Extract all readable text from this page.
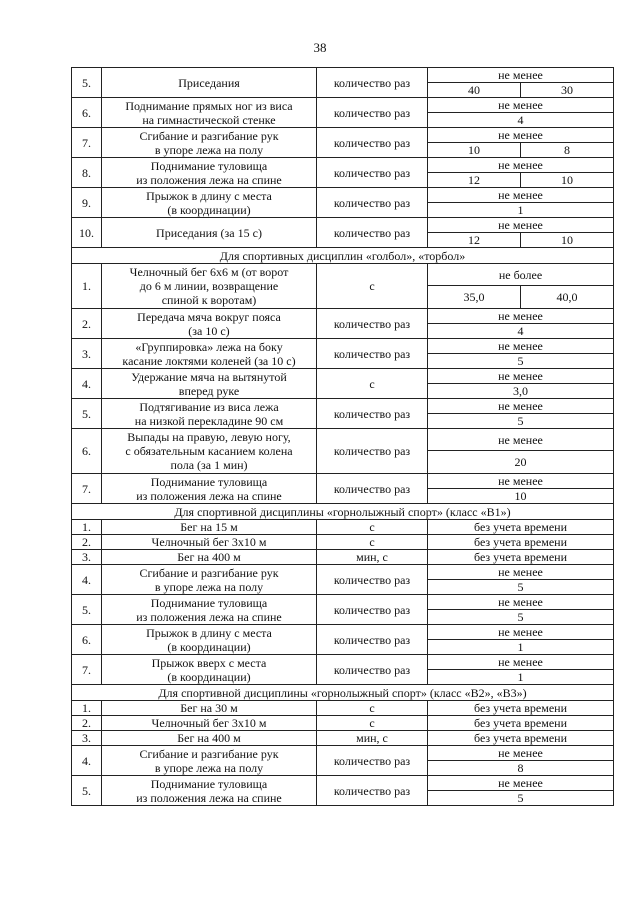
38
5.	Приседания	количество раз	не менее	
			40	30
6.	Поднимание прямых ног из виса
на гимнастической стенке	количество раз	не менее	
			4	
7.	Сгибание и разгибание рук
в упоре лежа на полу	количество раз	не менее	
			10	8
8.	Поднимание туловища
из положения лежа на спине	количество раз	не менее	
			12	10
9.	Прыжок в длину с места
(в координации)	количество раз	не менее	
			1	
10.	Приседания (за 15 с)	количество раз	не менее	
			12	10
Для спортивных дисциплин «голбол», «торбол»				
1.	Челночный бег 6х6 м (от ворот
до 6 м линии, возвращение
спиной к воротам)	с	не более	
			35,0	40,0
2.	Передача мяча вокруг пояса
(за 10 с)	количество раз	не менее	
			4	
3.	«Группировка» лежа на боку
касание локтями коленей (за 10 с)	количество раз	не менее	
			5	
4.	Удержание мяча на вытянутой
вперед руке	с	не менее	
			3,0	
5.	Подтягивание из виса лежа
на низкой перекладине 90 см	количество раз	не менее	
			5	
6.	Выпады на правую, левую ногу,
с обязательным касанием колена
пола (за 1 мин)	количество раз	не менее	
			20	
7.	Поднимание туловища
из положения лежа на спине	количество раз	не менее	
			10	
Для спортивной дисциплины «горнолыжный спорт» (класс «В1»)				
1.	Бег на 15 м	с	без учета времени	
2.	Челночный бег 3х10 м	с	без учета времени	
3.	Бег на 400 м	мин, с	без учета времени	
4.	Сгибание и разгибание рук
в упоре лежа на полу	количество раз	не менее	
			5	
5.	Поднимание туловища
из положения лежа на спине	количество раз	не менее	
			5	
6.	Прыжок в длину с места
(в координации)	количество раз	не менее	
			1	
7.	Прыжок вверх с места
(в координации)	количество раз	не менее	
			1	
Для спортивной дисциплины «горнолыжный спорт» (класс «В2», «В3»)				
1.	Бег на 30 м	с	без учета времени	
2.	Челночный бег 3х10 м	с	без учета времени	
3.	Бег на 400 м	мин, с	без учета времени	
4.	Сгибание и разгибание рук
в упоре лежа на полу	количество раз	не менее	
			8	
5.	Поднимание туловища
из положения лежа на спине	количество раз	не менее	
			5	
